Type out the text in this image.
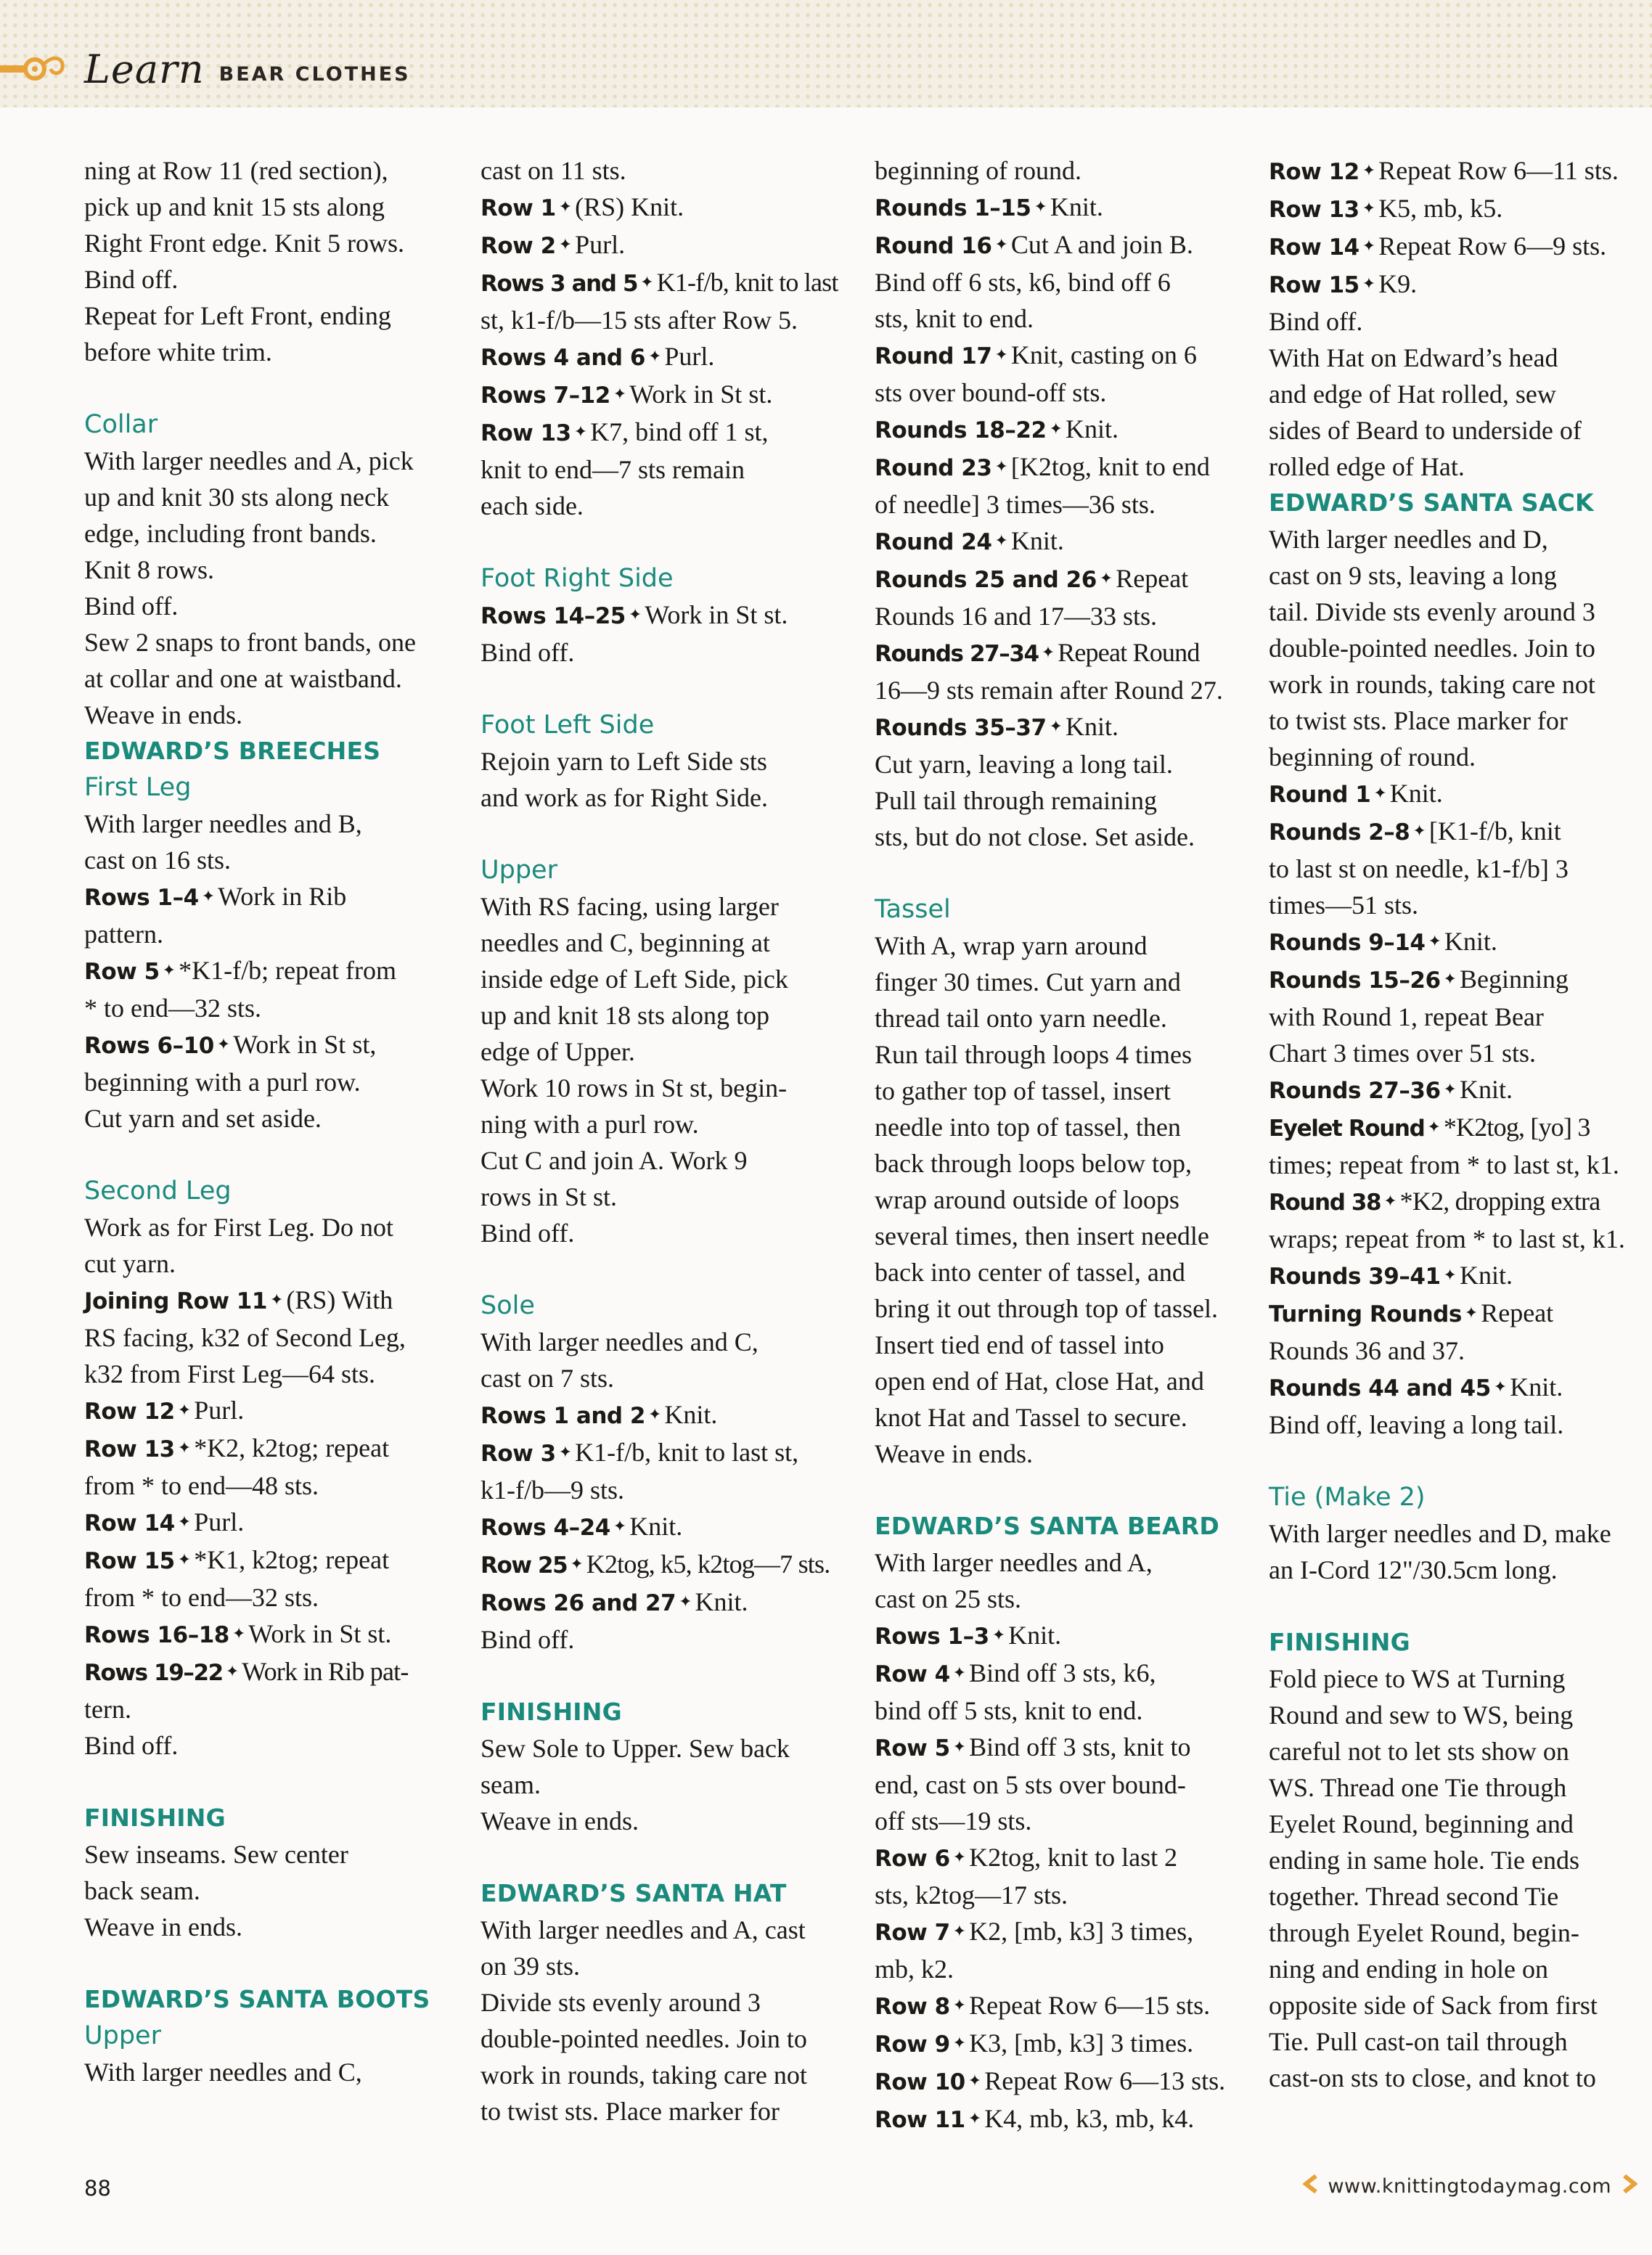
Learn BEAR CLOTHES
ning at Row 11 (red section),
pick up and knit 15 sts along
Right Front edge. Knit 5 rows.
Bind off.
Repeat for Left Front, ending
before white trim.
Collar
With larger needles and A, pick
up and knit 30 sts along neck
edge, including front bands.
Knit 8 rows.
Bind off.
Sew 2 snaps to front bands, one
at collar and one at waistband.
Weave in ends.
EDWARD’S BREECHES
First Leg
With larger needles and B,
cast on 16 sts.
Rows 1–4 ✦ Work in Rib
pattern.
Row 5 ✦ *K1-f/b; repeat from
* to end—32 sts.
Rows 6–10 ✦ Work in St st,
beginning with a purl row.
Cut yarn and set aside.
Second Leg
Work as for First Leg. Do not
cut yarn.
Joining Row 11 ✦ (RS) With
RS facing, k32 of Second Leg,
k32 from First Leg—64 sts.
Row 12 ✦ Purl.
Row 13 ✦ *K2, k2tog; repeat
from * to end—48 sts.
Row 14 ✦ Purl.
Row 15 ✦ *K1, k2tog; repeat
from * to end—32 sts.
Rows 16–18 ✦ Work in St st.
Rows 19–22 ✦ Work in Rib pat-
tern.
Bind off.
FINISHING
Sew inseams. Sew center
back seam.
Weave in ends.
EDWARD’S SANTA BOOTS
Upper
With larger needles and C,
cast on 11 sts.
Row 1 ✦ (RS) Knit.
Row 2 ✦ Purl.
Rows 3 and 5 ✦ K1-f/b, knit to last
st, k1-f/b—15 sts after Row 5.
Rows 4 and 6 ✦ Purl.
Rows 7–12 ✦ Work in St st.
Row 13 ✦ K7, bind off 1 st,
knit to end—7 sts remain
each side.
Foot Right Side
Rows 14–25 ✦ Work in St st.
Bind off.
Foot Left Side
Rejoin yarn to Left Side sts
and work as for Right Side.
Upper
With RS facing, using larger
needles and C, beginning at
inside edge of Left Side, pick
up and knit 18 sts along top
edge of Upper.
Work 10 rows in St st, begin-
ning with a purl row.
Cut C and join A. Work 9
rows in St st.
Bind off.
Sole
With larger needles and C,
cast on 7 sts.
Rows 1 and 2 ✦ Knit.
Row 3 ✦ K1-f/b, knit to last st,
k1-f/b—9 sts.
Rows 4–24 ✦ Knit.
Row 25 ✦ K2tog, k5, k2tog—7 sts.
Rows 26 and 27 ✦ Knit.
Bind off.
FINISHING
Sew Sole to Upper. Sew back
seam.
Weave in ends.
EDWARD’S SANTA HAT
With larger needles and A, cast
on 39 sts.
Divide sts evenly around 3
double-pointed needles. Join to
work in rounds, taking care not
to twist sts. Place marker for
beginning of round.
Rounds 1–15 ✦ Knit.
Round 16 ✦ Cut A and join B.
Bind off 6 sts, k6, bind off 6
sts, knit to end.
Round 17 ✦ Knit, casting on 6
sts over bound-off sts.
Rounds 18–22 ✦ Knit.
Round 23 ✦ [K2tog, knit to end
of needle] 3 times—36 sts.
Round 24 ✦ Knit.
Rounds 25 and 26 ✦ Repeat
Rounds 16 and 17—33 sts.
Rounds 27–34 ✦ Repeat Round
16—9 sts remain after Round 27.
Rounds 35–37 ✦ Knit.
Cut yarn, leaving a long tail.
Pull tail through remaining
sts, but do not close. Set aside.
Tassel
With A, wrap yarn around
finger 30 times. Cut yarn and
thread tail onto yarn needle.
Run tail through loops 4 times
to gather top of tassel, insert
needle into top of tassel, then
back through loops below top,
wrap around outside of loops
several times, then insert needle
back into center of tassel, and
bring it out through top of tassel.
Insert tied end of tassel into
open end of Hat, close Hat, and
knot Hat and Tassel to secure.
Weave in ends.
EDWARD’S SANTA BEARD
With larger needles and A,
cast on 25 sts.
Rows 1–3 ✦ Knit.
Row 4 ✦ Bind off 3 sts, k6,
bind off 5 sts, knit to end.
Row 5 ✦ Bind off 3 sts, knit to
end, cast on 5 sts over bound-
off sts—19 sts.
Row 6 ✦ K2tog, knit to last 2
sts, k2tog—17 sts.
Row 7 ✦ K2, [mb, k3] 3 times,
mb, k2.
Row 8 ✦ Repeat Row 6—15 sts.
Row 9 ✦ K3, [mb, k3] 3 times.
Row 10 ✦ Repeat Row 6—13 sts.
Row 11 ✦ K4, mb, k3, mb, k4.
Row 12 ✦ Repeat Row 6—11 sts.
Row 13 ✦ K5, mb, k5.
Row 14 ✦ Repeat Row 6—9 sts.
Row 15 ✦ K9.
Bind off.
With Hat on Edward’s head
and edge of Hat rolled, sew
sides of Beard to underside of
rolled edge of Hat.
EDWARD’S SANTA SACK
With larger needles and D,
cast on 9 sts, leaving a long
tail. Divide sts evenly around 3
double-pointed needles. Join to
work in rounds, taking care not
to twist sts. Place marker for
beginning of round.
Round 1 ✦ Knit.
Rounds 2–8 ✦ [K1-f/b, knit
to last st on needle, k1-f/b] 3
times—51 sts.
Rounds 9–14 ✦ Knit.
Rounds 15–26 ✦ Beginning
with Round 1, repeat Bear
Chart 3 times over 51 sts.
Rounds 27–36 ✦ Knit.
Eyelet Round ✦ *K2tog, [yo] 3
times; repeat from * to last st, k1.
Round 38 ✦ *K2, dropping extra
wraps; repeat from * to last st, k1.
Rounds 39–41 ✦ Knit.
Turning Rounds ✦ Repeat
Rounds 36 and 37.
Rounds 44 and 45 ✦ Knit.
Bind off, leaving a long tail.
Tie (Make 2)
With larger needles and D, make
an I-Cord 12"/30.5cm long.
FINISHING
Fold piece to WS at Turning
Round and sew to WS, being
careful not to let sts show on
WS. Thread one Tie through
Eyelet Round, beginning and
ending in same hole. Tie ends
together. Thread second Tie
through Eyelet Round, begin-
ning and ending in hole on
opposite side of Sack from first
Tie. Pull cast-on tail through
cast-on sts to close, and knot to
88	www.knittingtodaymag.com
